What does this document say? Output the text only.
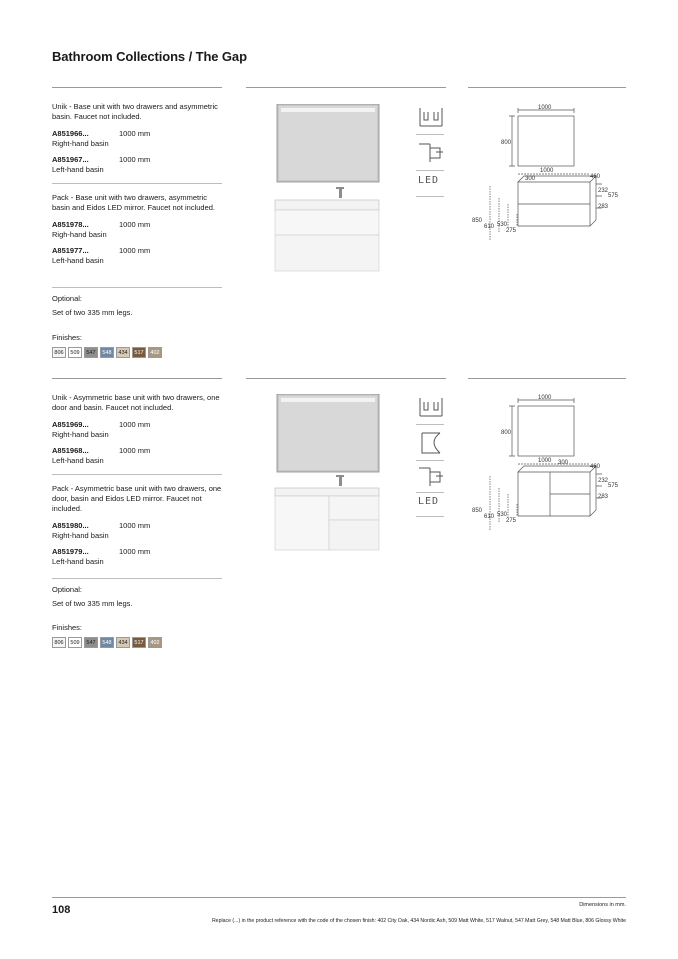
Bathroom Collections / The Gap

Unik - Base unit with two drawers and asymmetric basin. Faucet not included.

A851966...	1000 mm

Right-hand basin

A851967...	1000 mm

Left-hand basin

Pack - Base unit with two drawers, asymmetric basin and Eidos LED mirror. Faucet not included.

A851978...	1000 mm

Righ-hand basin

A851977...	1000 mm

Left-hand basin

Optional:
Set of two 335 mm legs.
Finishes:
806	509	547	548	434	517	402
LED
1000
800
1000
300	460
232
575
283
850
610 530
275

Unik - Asymmetric base unit with two drawers, one door and basin. Faucet not included.

A851969...	1000 mm

Right-hand basin

A851968...	1000 mm

Left-hand basin

Pack - Asymmetric base unit with two drawers, one door, basin and Eidos LED mirror. Faucet not included.

A851980...	1000 mm

Right-hand basin

A851979...	1000 mm

Left-hand basin

Optional:
Set of two 335 mm legs.
Finishes:
806	509	547	548	434	517	402
LED
1000
800
1000 300
460
232
575
283
850
610 530
275
108	Dimensions in mm.
Replace (...) in the product reference with the code of the chosen finish: 402 City Oak, 434 Nordic Ash, 509 Matt White, 517 Walnut, 547 Matt Grey, 548 Matt Blue, 806 Glossy White
